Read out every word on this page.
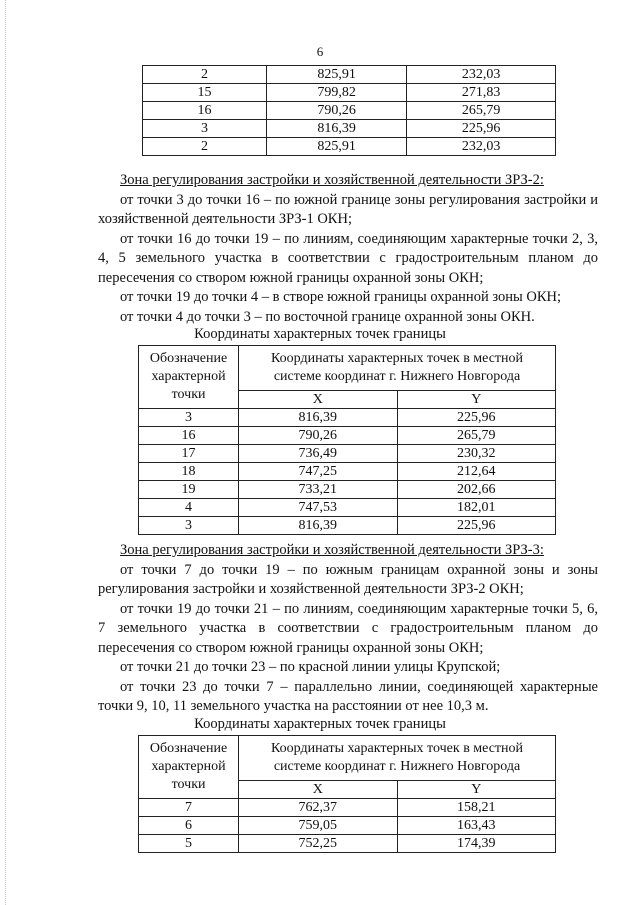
6
2	825,91	232,03
15	799,82	271,83
16	790,26	265,79
3	816,39	225,96
2	825,91	232,03

Зона регулирования застройки и хозяйственной деятельности ЗРЗ-2:

от точки 3 до точки 16 – по южной границе зоны регулирования застройки и хозяйственной деятельности ЗРЗ-1 ОКН;

от точки 16 до точки 19 – по линиям, соединяющим характерные точки 2, 3, 4, 5 земельного участка в соответствии с градостроительным планом до пересечения со створом южной границы охранной зоны ОКН;

от точки 19 до точки 4 – в створе южной границы охранной зоны ОКН;

от точки 4 до точки 3 – по восточной границе охранной зоны ОКН.

Координаты характерных точек границы
Обозначение характерной точки	Координаты характерных точек в местной системе координат г. Нижнего Новгорода	
	X	Y
3	816,39	225,96
16	790,26	265,79
17	736,49	230,32
18	747,25	212,64
19	733,21	202,66
4	747,53	182,01
3	816,39	225,96

Зона регулирования застройки и хозяйственной деятельности ЗРЗ-3:

от точки 7 до точки 19 – по южным границам охранной зоны и зоны регулирования застройки и хозяйственной деятельности ЗРЗ-2 ОКН;

от точки 19 до точки 21 – по линиям, соединяющим характерные точки 5, 6, 7 земельного участка в соответствии с градостроительным планом до пересечения со створом южной границы охранной зоны ОКН;

от точки 21 до точки 23 – по красной линии улицы Крупской;

от точки 23 до точки 7 – параллельно линии, соединяющей характерные точки 9, 10, 11 земельного участка на расстоянии от нее 10,3 м.

Координаты характерных точек границы
Обозначение характерной точки	Координаты характерных точек в местной системе координат г. Нижнего Новгорода	
	X	Y
7	762,37	158,21
6	759,05	163,43
5	752,25	174,39
